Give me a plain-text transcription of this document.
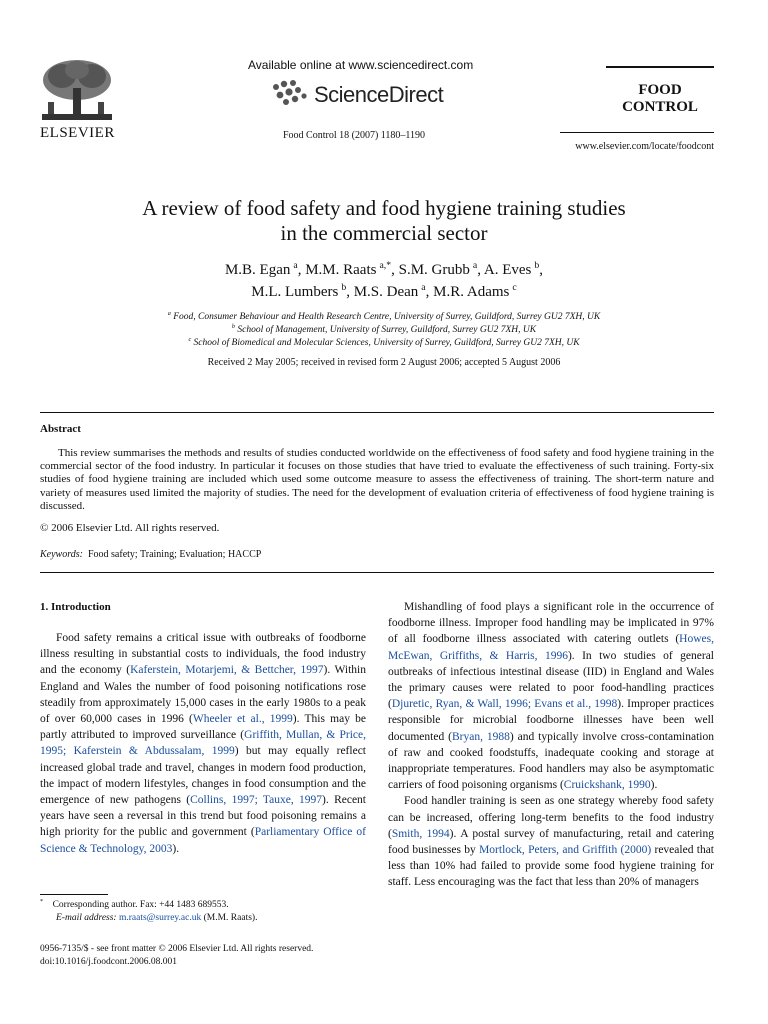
ELSEVIER
Available online at www.sciencedirect.com
ScienceDirect
Food Control 18 (2007) 1180–1190
FOOD
CONTROL
www.elsevier.com/locate/foodcont
A review of food safety and food hygiene training studies
in the commercial sector
M.B. Egan $^a$, M.M. Raats $^{a,*}$, S.M. Grubb $^a$, A. Eves $^b$,
M.L. Lumbers $^b$, M.S. Dean $^a$, M.R. Adams $^c$
$^a$ Food, Consumer Behaviour and Health Research Centre, University of Surrey, Guildford, Surrey GU2 7XH, UK
$^b$ School of Management, University of Surrey, Guildford, Surrey GU2 7XH, UK
$^c$ School of Biomedical and Molecular Sciences, University of Surrey, Guildford, Surrey GU2 7XH, UK
Received 2 May 2005; received in revised form 2 August 2006; accepted 5 August 2006
Abstract
This review summarises the methods and results of studies conducted worldwide on the effectiveness of food safety and food hygiene training in the commercial sector of the food industry. In particular it focuses on those studies that have tried to evaluate the effectiveness of such training. Forty-six studies of food hygiene training are included which used some outcome measure to assess the effectiveness of training. The short-term nature and variety of measures used limited the majority of studies. The need for the development of evaluation criteria of effectiveness of food hygiene training is discussed.
© 2006 Elsevier Ltd. All rights reserved.
Keywords: Food safety; Training; Evaluation; HACCP
1. Introduction
Food safety remains a critical issue with outbreaks of foodborne illness resulting in substantial costs to individuals, the food industry and the economy (Kaferstein, Motarjemi, & Bettcher, 1997). Within England and Wales the number of food poisoning notifications rose steadily from approximately 15,000 cases in the early 1980s to a peak of over 60,000 cases in 1996 (Wheeler et al., 1999). This may be partly attributed to improved surveillance (Griffith, Mullan, & Price, 1995; Kaferstein & Abdussalam, 1999) but may equally reflect increased global trade and travel, changes in modern food production, the impact of modern lifestyles, changes in food consumption and the emergence of new pathogens (Collins, 1997; Tauxe, 1997). Recent years have seen a reversal in this trend but food poisoning remains a high priority for the public and government (Parliamentary Office of Science & Technology, 2003).
* Corresponding author. Fax: +44 1483 689553.
E-mail address: m.raats@surrey.ac.uk (M.M. Raats).
0956-7135/$ - see front matter © 2006 Elsevier Ltd. All rights reserved.
doi:10.1016/j.foodcont.2006.08.001

Mishandling of food plays a significant role in the occurrence of foodborne illness. Improper food handling may be implicated in 97% of all foodborne illness associated with catering outlets (Howes, McEwan, Griffiths, & Harris, 1996). In two studies of general outbreaks of infectious intestinal disease (IID) in England and Wales the primary causes were related to poor food-handling practices (Djuretic, Ryan, & Wall, 1996; Evans et al., 1998). Improper practices responsible for microbial foodborne illnesses have been well documented (Bryan, 1988) and typically involve cross-contamination of raw and cooked foodstuffs, inadequate cooking and storage at inappropriate temperatures. Food handlers may also be asymptomatic carriers of food poisoning organisms (Cruickshank, 1990).

Food handler training is seen as one strategy whereby food safety can be increased, offering long-term benefits to the food industry (Smith, 1994). A postal survey of manufacturing, retail and catering food businesses by Mortlock, Peters, and Griffith (2000) revealed that less than 10% had failed to provide some food hygiene training for staff. Less encouraging was the fact that less than 20% of managers
